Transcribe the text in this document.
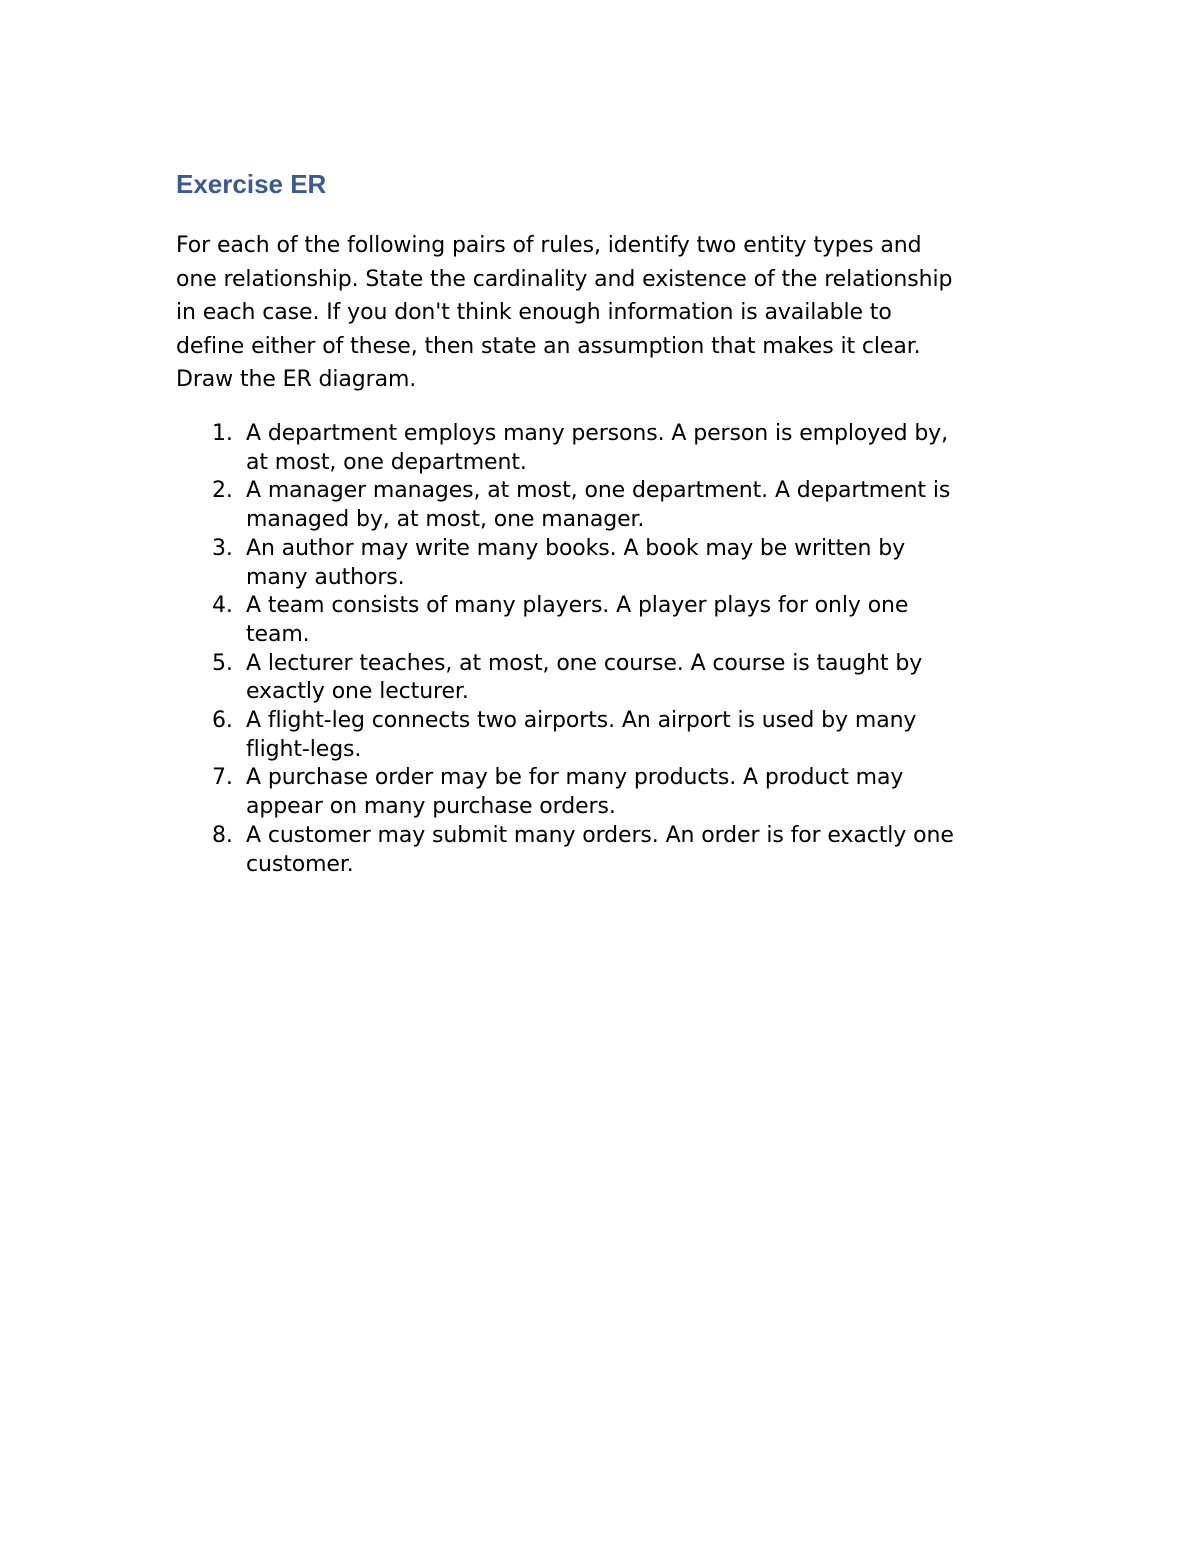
Exercise ER

For each of the following pairs of rules, identify two entity types and
one relationship. State the cardinality and existence of the relationship
in each case. If you don't think enough information is available to
define either of these, then state an assumption that makes it clear.
Draw the ER diagram.

1. A department employs many persons. A person is employed by,
at most, one department.
2. A manager manages, at most, one department. A department is
managed by, at most, one manager.
3. An author may write many books. A book may be written by
many authors.
4. A team consists of many players. A player plays for only one
team.
5. A lecturer teaches, at most, one course. A course is taught by
exactly one lecturer.
6. A flight-leg connects two airports. An airport is used by many
flight-legs.
7. A purchase order may be for many products. A product may
appear on many purchase orders.
8. A customer may submit many orders. An order is for exactly one
customer.
